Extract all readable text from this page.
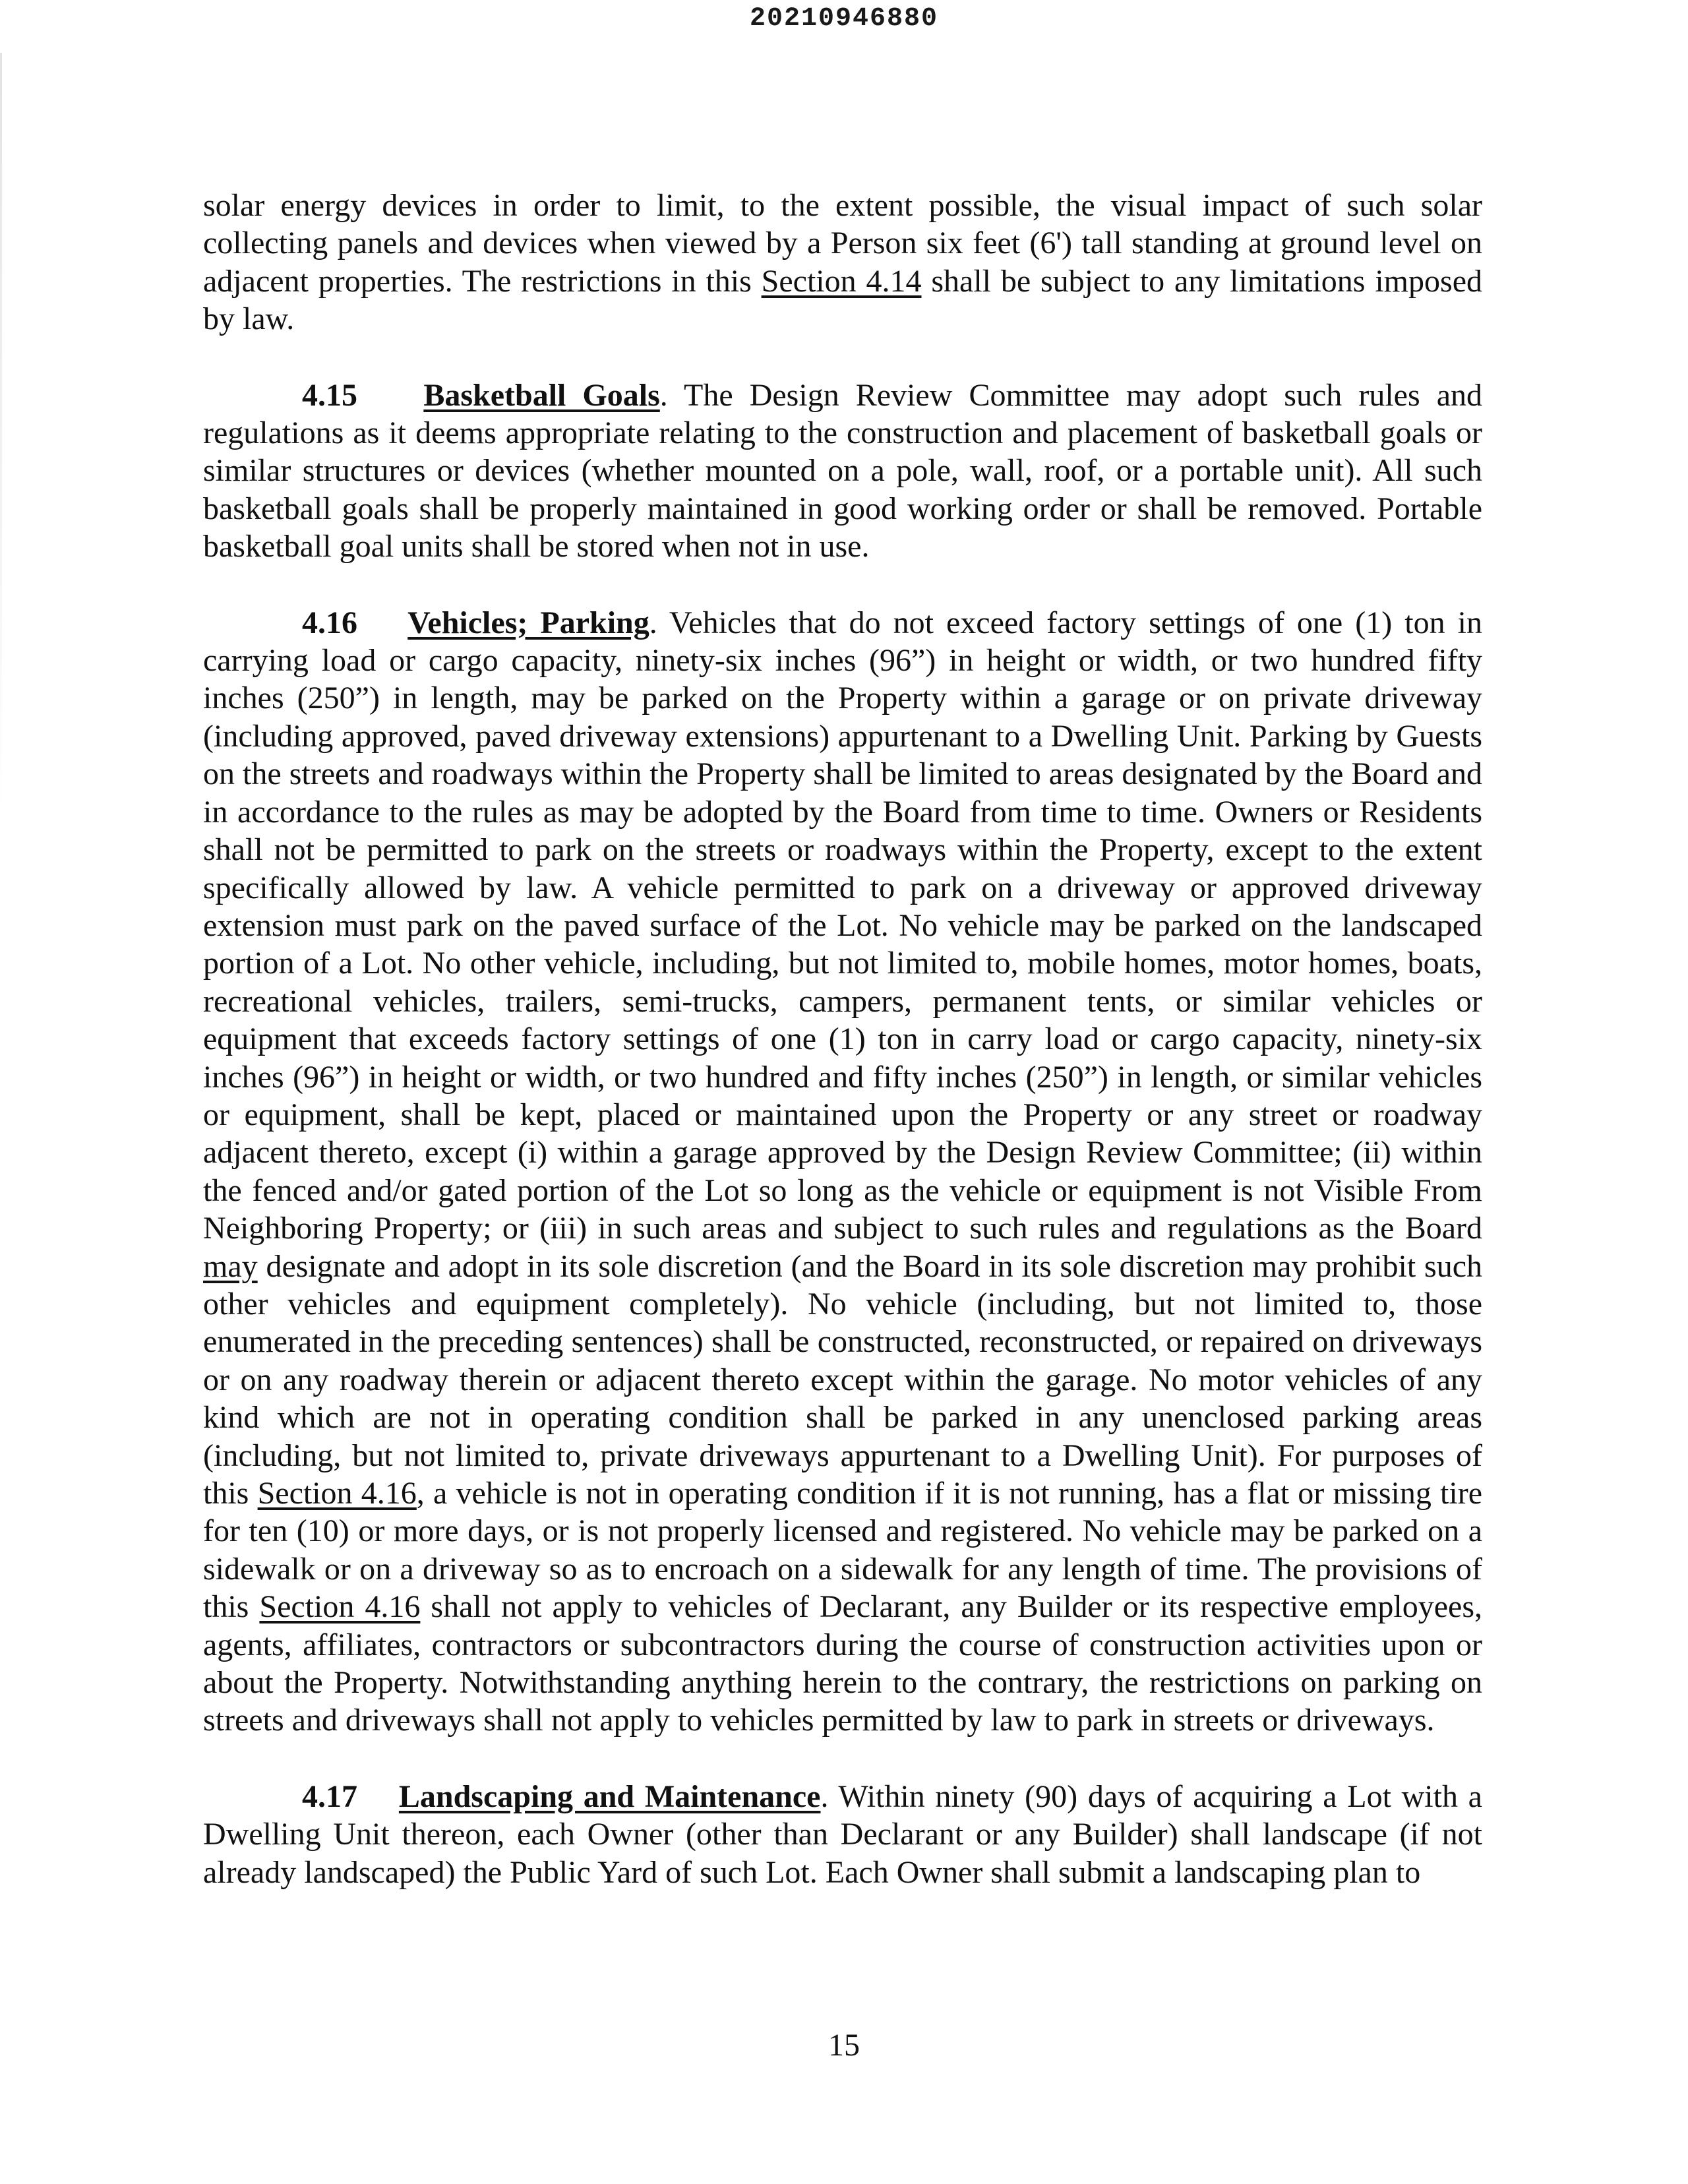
20210946880

solar energy devices in order to limit, to the extent possible, the visual impact of such solar collecting panels and devices when viewed by a Person six feet (6') tall standing at ground level on adjacent properties. The restrictions in this Section 4.14 shall be subject to any limitations imposed by law.

4.15 Basketball Goals. The Design Review Committee may adopt such rules and regulations as it deems appropriate relating to the construction and placement of basketball goals or similar structures or devices (whether mounted on a pole, wall, roof, or a portable unit). All such basketball goals shall be properly maintained in good working order or shall be removed. Portable basketball goal units shall be stored when not in use.

4.16 Vehicles; Parking. Vehicles that do not exceed factory settings of one (1) ton in carrying load or cargo capacity, ninety-six inches (96”) in height or width, or two hundred fifty inches (250”) in length, may be parked on the Property within a garage or on private driveway (including approved, paved driveway extensions) appurtenant to a Dwelling Unit. Parking by Guests on the streets and roadways within the Property shall be limited to areas designated by the Board and in accordance to the rules as may be adopted by the Board from time to time. Owners or Residents shall not be permitted to park on the streets or roadways within the Property, except to the extent specifically allowed by law. A vehicle permitted to park on a driveway or approved driveway extension must park on the paved surface of the Lot. No vehicle may be parked on the landscaped portion of a Lot. No other vehicle, including, but not limited to, mobile homes, motor homes, boats, recreational vehicles, trailers, semi-trucks, campers, permanent tents, or similar vehicles or equipment that exceeds factory settings of one (1) ton in carry load or cargo capacity, ninety-six inches (96”) in height or width, or two hundred and fifty inches (250”) in length, or similar vehicles or equipment, shall be kept, placed or maintained upon the Property or any street or roadway adjacent thereto, except (i) within a garage approved by the Design Review Committee; (ii) within the fenced and/or gated portion of the Lot so long as the vehicle or equipment is not Visible From Neighboring Property; or (iii) in such areas and subject to such rules and regulations as the Board may designate and adopt in its sole discretion (and the Board in its sole discretion may prohibit such other vehicles and equipment completely). No vehicle (including, but not limited to, those enumerated in the preceding sentences) shall be constructed, reconstructed, or repaired on driveways or on any roadway therein or adjacent thereto except within the garage. No motor vehicles of any kind which are not in operating condition shall be parked in any unenclosed parking areas (including, but not limited to, private driveways appurtenant to a Dwelling Unit). For purposes of this Section 4.16, a vehicle is not in operating condition if it is not running, has a flat or missing tire for ten (10) or more days, or is not properly licensed and registered. No vehicle may be parked on a sidewalk or on a driveway so as to encroach on a sidewalk for any length of time. The provisions of this Section 4.16 shall not apply to vehicles of Declarant, any Builder or its respective employees, agents, affiliates, contractors or subcontractors during the course of construction activities upon or about the Property. Notwithstanding anything herein to the contrary, the restrictions on parking on streets and driveways shall not apply to vehicles permitted by law to park in streets or driveways.

4.17 Landscaping and Maintenance. Within ninety (90) days of acquiring a Lot with a Dwelling Unit thereon, each Owner (other than Declarant or any Builder) shall landscape (if not already landscaped) the Public Yard of such Lot. Each Owner shall submit a landscaping plan to

15
